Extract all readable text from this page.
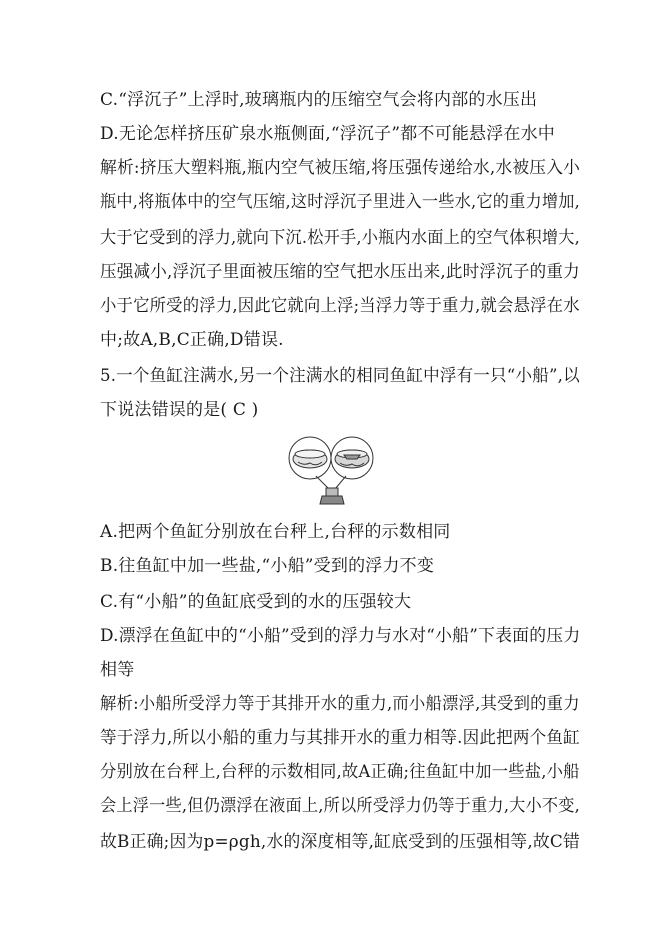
C.“浮沉子”上浮时,玻璃瓶内的压缩空气会将内部的水压出
D.无论怎样挤压矿泉水瓶侧面,“浮沉子”都不可能悬浮在水中
解析:挤压大塑料瓶,瓶内空气被压缩,将压强传递给水,水被压入小
瓶中,将瓶体中的空气压缩,这时浮沉子里进入一些水,它的重力增加,
大于它受到的浮力,就向下沉.松开手,小瓶内水面上的空气体积增大,
压强减小,浮沉子里面被压缩的空气把水压出来,此时浮沉子的重力
小于它所受的浮力,因此它就向上浮;当浮力等于重力,就会悬浮在水
中;故A,B,C正确,D错误.
5.一个鱼缸注满水,另一个注满水的相同鱼缸中浮有一只“小船”,以
下说法错误的是( C )
A.把两个鱼缸分别放在台秤上,台秤的示数相同
B.往鱼缸中加一些盐,“小船”受到的浮力不变
C.有“小船”的鱼缸底受到的水的压强较大
D.漂浮在鱼缸中的“小船”受到的浮力与水对“小船”下表面的压力
相等
解析:小船所受浮力等于其排开水的重力,而小船漂浮,其受到的重力
等于浮力,所以小船的重力与其排开水的重力相等.因此把两个鱼缸
分别放在台秤上,台秤的示数相同,故A正确;往鱼缸中加一些盐,小船
会上浮一些,但仍漂浮在液面上,所以所受浮力仍等于重力,大小不变,
故B正确;因为p=ρgh,水的深度相等,缸底受到的压强相等,故C错
